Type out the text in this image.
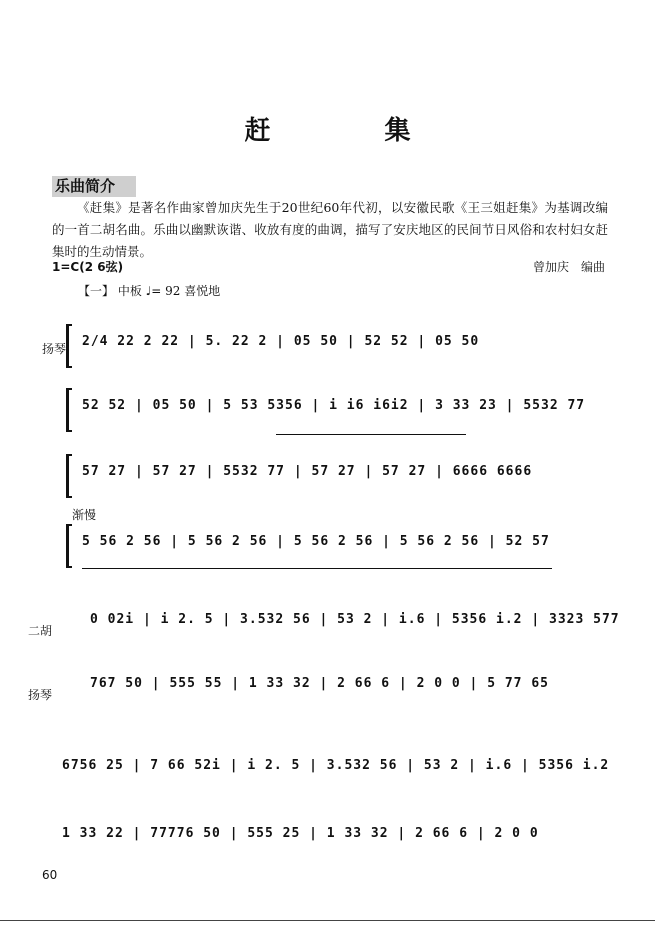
赶　集
乐曲简介
《赶集》是著名作曲家曾加庆先生于20世纪60年代初，以安徽民歌《王三姐赶集》为基调改编的一首二胡名曲。乐曲以幽默诙谐、收放有度的曲调，描写了安庆地区的民间节日风俗和农村妇女赶集时的生动情景。
1=C(2 6弦)	曾加庆　编曲
【一】 中板 ♩= 92 喜悦地
扬琴 2/4 22 2 22 | 5. 22 2 | 05 50 | 52 52 | 05 50
52 52 | 05 50 | 5 53 5356 | i i6 i6i2 | 3 33 23 | 5532 77
57 27 | 57 27 | 5532 77 | 57 27 | 57 27 | 6666 6666
渐慢
5 56 2 56 | 5 56 2 56 | 5 56 2 56 | 5 56 2 56 | 52 57
二胡
0 02i | i 2. 5 | 3.532 56 | 53 2 | i.6 | 5356 i.2 | 3323 577
扬琴
767 50 | 555 55 | 1 33 32 | 2 66 6 | 2 0 0 | 5 77 65
6756 25 | 7 66 52i | i 2. 5 | 3.532 56 | 53 2 | i.6 | 5356 i.2
1 33 22 | 77776 50 | 555 25 | 1 33 32 | 2 66 6 | 2 0 0
60
